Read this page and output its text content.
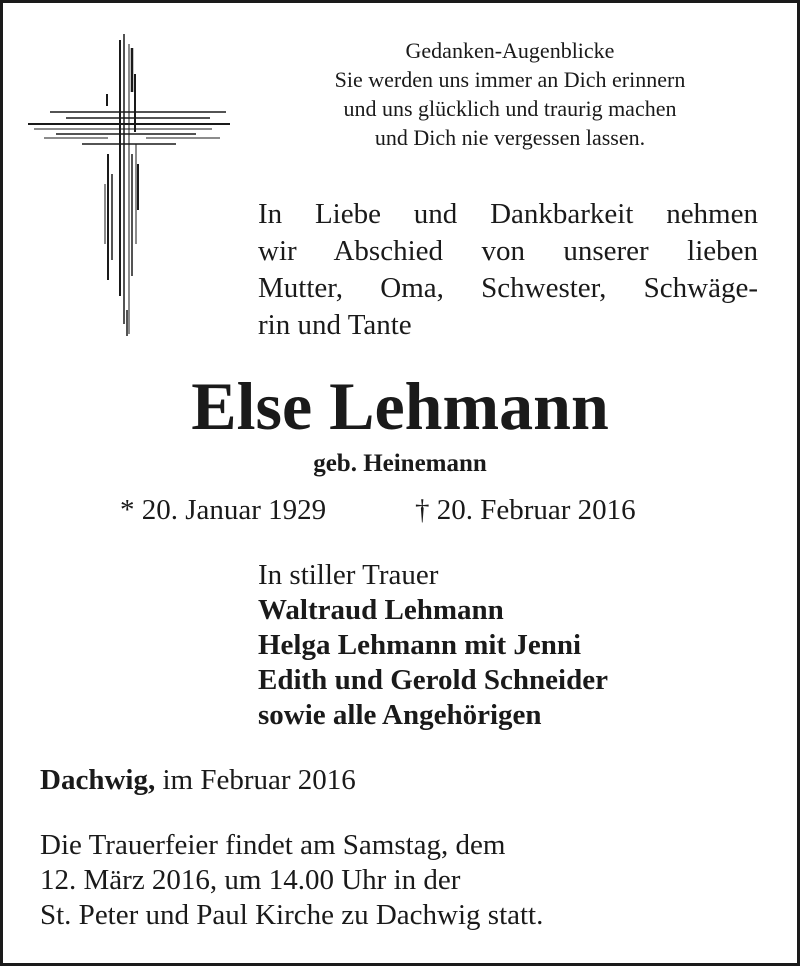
Gedanken-Augenblicke
Sie werden uns immer an Dich erinnern
und uns glücklich und traurig machen
und Dich nie vergessen lassen.
In Liebe und Dankbarkeit nehmen
wir Abschied von unserer lieben
Mutter, Oma, Schwester, Schwäge-
rin und Tante
Else Lehmann
geb. Heinemann
* 20. Januar 1929	† 20. Februar 2016
In stiller Trauer
Waltraud Lehmann
Helga Lehmann mit Jenni
Edith und Gerold Schneider
sowie alle Angehörigen
Dachwig, im Februar 2016
Die Trauerfeier findet am Samstag, dem
12. März 2016, um 14.00 Uhr in der
St. Peter und Paul Kirche zu Dachwig statt.
